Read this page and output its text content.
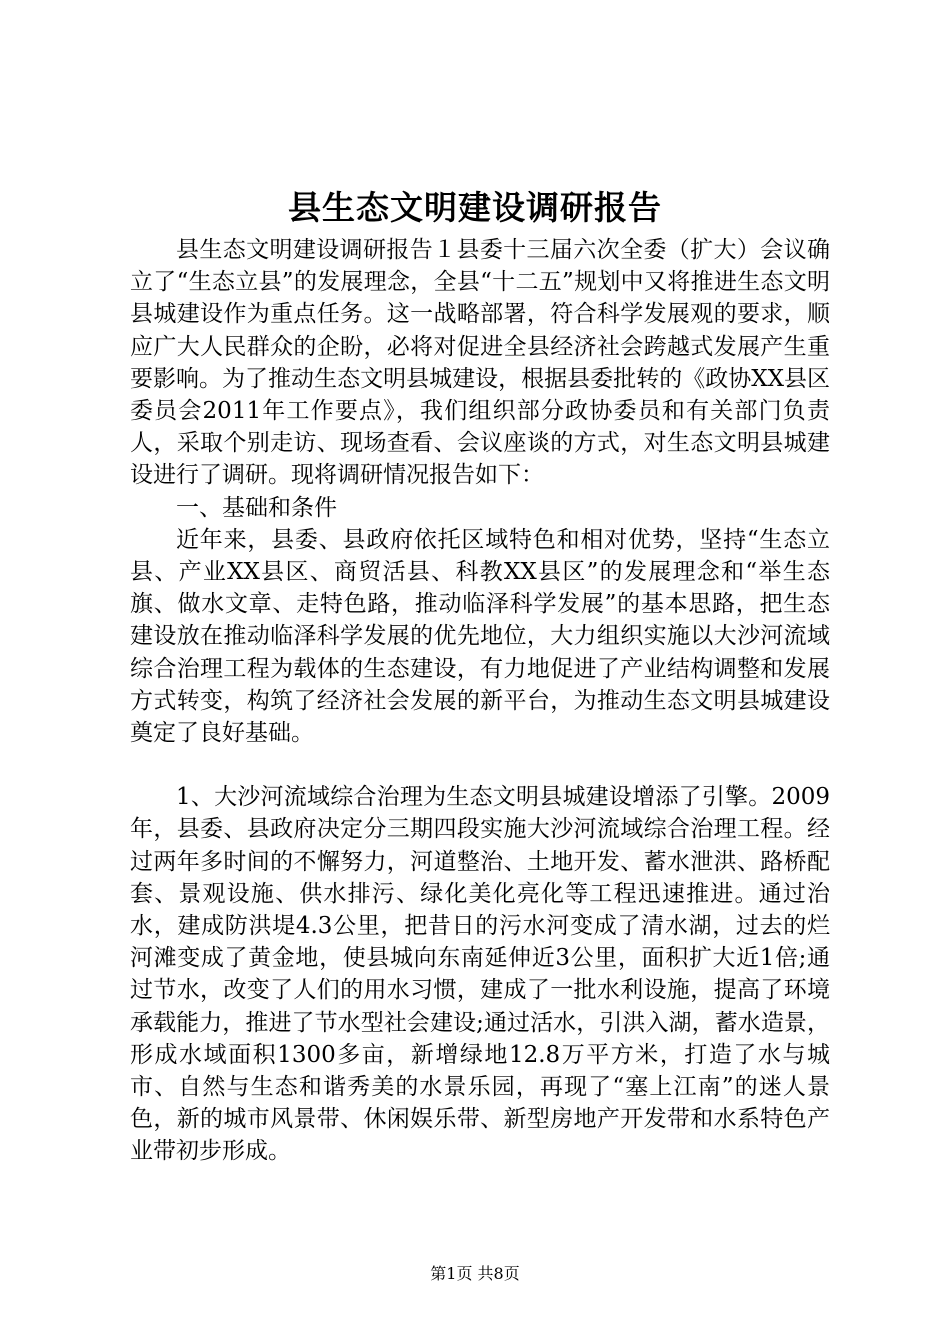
县生态文明建设调研报告

县生态文明建设调研报告１县委十三届六次全委（扩大）会议确立了“生态立县”的发展理念，全县“十二五”规划中又将推进生态文明县城建设作为重点任务。这一战略部署，符合科学发展观的要求，顺应广大人民群众的企盼，必将对促进全县经济社会跨越式发展产生重要影响。为了推动生态文明县城建设，根据县委批转的《政协XX县区委员会2011年工作要点》，我们组织部分政协委员和有关部门负责人，采取个别走访、现场查看、会议座谈的方式，对生态文明县城建设进行了调研。现将调研情况报告如下：

一、基础和条件

近年来，县委、县政府依托区域特色和相对优势，坚持“生态立县、产业XX县区、商贸活县、科教XX县区”的发展理念和“举生态旗、做水文章、走特色路，推动临泽科学发展”的基本思路，把生态建设放在推动临泽科学发展的优先地位，大力组织实施以大沙河流域综合治理工程为载体的生态建设，有力地促进了产业结构调整和发展方式转变，构筑了经济社会发展的新平台，为推动生态文明县城建设奠定了良好基础。

1、大沙河流域综合治理为生态文明县城建设增添了引擎。2009年，县委、县政府决定分三期四段实施大沙河流域综合治理工程。经过两年多时间的不懈努力，河道整治、土地开发、蓄水泄洪、路桥配套、景观设施、供水排污、绿化美化亮化等工程迅速推进。通过治水，建成防洪堤4.3公里，把昔日的污水河变成了清水湖，过去的烂河滩变成了黄金地，使县城向东南延伸近3公里，面积扩大近1倍;通过节水，改变了人们的用水习惯，建成了一批水利设施，提高了环境承载能力，推进了节水型社会建设;通过活水，引洪入湖，蓄水造景，形成水域面积1300多亩，新增绿地12.8万平方米，打造了水与城市、自然与生态和谐秀美的水景乐园，再现了“塞上江南”的迷人景色，新的城市风景带、休闲娱乐带、新型房地产开发带和水系特色产业带初步形成。

第1页 共8页
